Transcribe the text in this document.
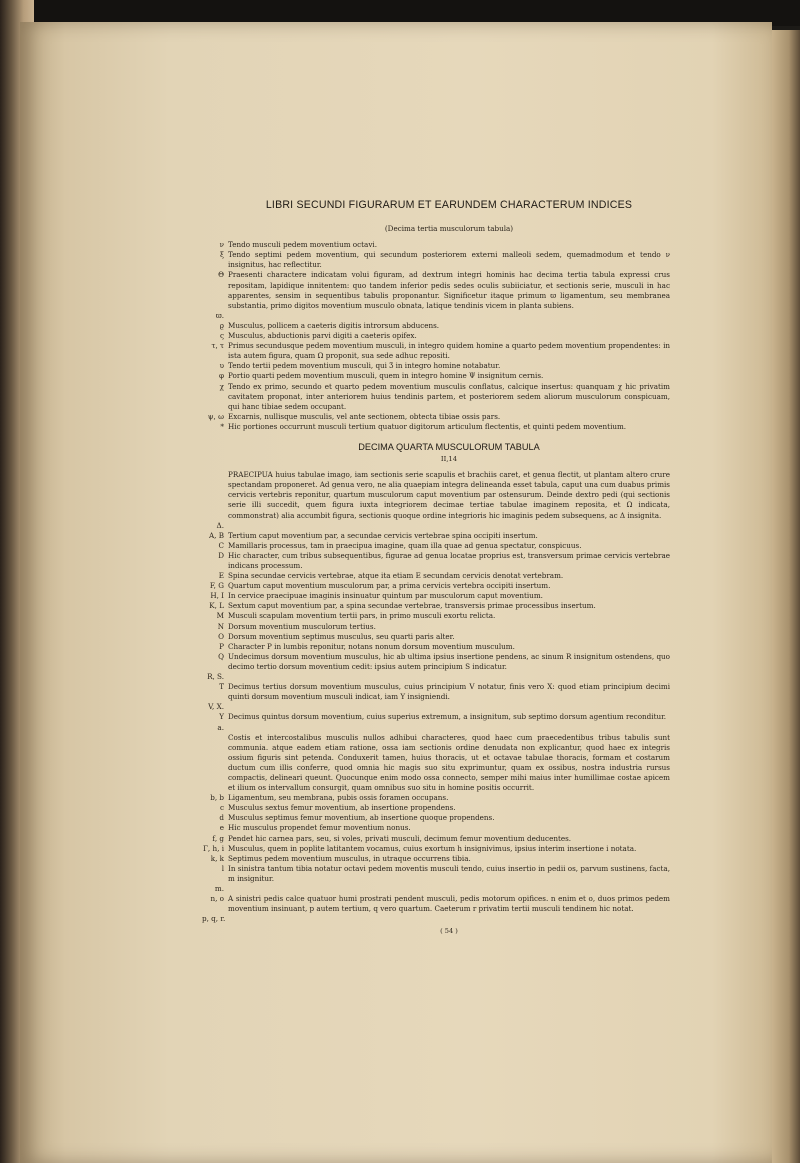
LIBRI SECUNDI FIGURARUM ET EARUNDEM CHARACTERUM INDICES
(Decima tertia musculorum tabula)
ν Tendo musculi pedem moventium octavi.
ξ Tendo septimi pedem moventium, qui secundum posteriorem externi malleoli sedem, quemadmodum et tendo ν insignitus, hac reflectitur.
Θ Praesenti charactere indicatam volui figuram, ad dextrum integri hominis hac decima tertia tabula expressi crus repositam, lapidique innitentem: quo tandem inferior pedis sedes oculis subiiciatur, et sectionis serie, musculi in hac apparentes, sensim in sequentibus tabulis proponantur. Significetur itaque primum ϖ ligamentum, seu membranea substantia, primo digitos moventium musculo obnata, latique tendinis vicem in planta subiens.
ϖ.
ϱ Musculus, pollicem a caeteris digitis introrsum abducens.
ς Musculus, abductionis parvi digiti a caeteris opifex.
τ, τ Primus secundusque pedem moventium musculi, in integro quidem homine a quarto pedem moventium propendentes: in ista autem figura, quam Ω proponit, sua sede adhuc repositi.
υ Tendo tertii pedem moventium musculi, qui Ʒ in integro homine notabatur.
φ Portio quarti pedem moventium musculi, quem in integro homine Ψ insignitum cernis.
χ Tendo ex primo, secundo et quarto pedem moventium musculis conflatus, calcique insertus: quanquam χ hic privatim cavitatem proponat, inter anteriorem huius tendinis partem, et posteriorem sedem aliorum musculorum conspicuam, qui hanc tibiae sedem occupant.
ψ, ω Excarnis, nullisque musculis, vel ante sectionem, obtecta tibiae ossis pars.
* Hic portiones occurrunt musculi tertium quatuor digitorum articulum flectentis, et quinti pedem moventium.
DECIMA QUARTA MUSCULORUM TABULA
II,14
PRAECIPUA huius tabulae imago, iam sectionis serie scapulis et brachiis caret, et genua flectit, ut plantam altero crure spectandam proponeret. Ad genua vero, ne alia quaepiam integra delineanda esset tabula, caput una cum duabus primis cervicis vertebris reponitur, quartum musculorum caput moventium par ostensurum. Deinde dextro pedi (qui sectionis serie illi succedit, quem figura iuxta integriorem decimae tertiae tabulae imaginem reposita, et Ω indicata, commonstrat) alia accumbit figura, sectionis quoque ordine integrioris hic imaginis pedem subsequens, ac Δ insignita.
Δ.
A, B Tertium caput moventium par, a secundae cervicis vertebrae spina occipiti insertum.
C Mamillaris processus, tam in praecipua imagine, quam illa quae ad genua spectatur, conspicuus.
D Hic character, cum tribus subsequentibus, figurae ad genua locatae proprius est, transversum primae cervicis vertebrae indicans processum.
E Spina secundae cervicis vertebrae, atque ita etiam E secundam cervicis denotat vertebram.
F, G Quartum caput moventium musculorum par, a prima cervicis vertebra occipiti insertum.
H, I In cervice praecipuae imaginis insinuatur quintum par musculorum caput moventium.
K, L Sextum caput moventium par, a spina secundae vertebrae, transversis primae processibus insertum.
M Musculi scapulam moventium tertii pars, in primo musculi exortu relicta.
N Dorsum moventium musculorum tertius.
O Dorsum moventium septimus musculus, seu quarti paris alter.
P Character P in lumbis reponitur, notans nonum dorsum moventium musculum.
Q Undecimus dorsum moventium musculus, hic ab ultima ipsius insertione pendens, ac sinum R insignitum ostendens, quo decimo tertio dorsum moventium cedit: ipsius autem principium S indicatur.
R, S.
T Decimus tertius dorsum moventium musculus, cuius principium V notatur, finis vero X: quod etiam principium decimi quinti dorsum moventium musculi indicat, iam Y insigniendi.
V, X.
Y Decimus quintus dorsum moventium, cuius superius extremum, a insignitum, sub septimo dorsum agentium reconditur.
a.
Costis et intercostalibus musculis nullos adhibui characteres, quod haec cum praecedentibus tribus tabulis sunt communia. atque eadem etiam ratione, ossa iam sectionis ordine denudata non explicantur, quod haec ex integris ossium figuris sint petenda. Conduxerit tamen, huius thoracis, ut et octavae tabulae thoracis, formam et costarum ductum cum illis conferre, quod omnia hic magis suo situ exprimuntur, quam ex ossibus, nostra industria rursus compactis, delineari queunt. Quocunque enim modo ossa connecto, semper mihi maius inter humillimae costae apicem et ilium os intervallum consurgit, quam omnibus suo situ in homine positis occurrit.
b, b Ligamentum, seu membrana, pubis ossis foramen occupans.
c Musculus sextus femur moventium, ab insertione propendens.
d Musculus septimus femur moventium, ab insertione quoque propendens.
e Hic musculus propendet femur moventium nonus.
f, g Pendet hic carnea pars, seu, si voles, privati musculi, decimum femur moventium deducentes.
Γ, h, i Musculus, quem in poplite latitantem vocamus, cuius exortum h insignivimus, ipsius interim insertione i notata.
k, k Septimus pedem moventium musculus, in utraque occurrens tibia.
l In sinistra tantum tibia notatur octavi pedem moventis musculi tendo, cuius insertio in pedii os, parvum sustinens, facta, m insignitur.
m.
n, o A sinistri pedis calce quatuor humi prostrati pendent musculi, pedis motorum opifices. n enim et o, duos primos pedem moventium insinuant, p autem tertium, q vero quartum. Caeterum r privatim tertii musculi tendinem hic notat.
p, q, r.
( 54 )
